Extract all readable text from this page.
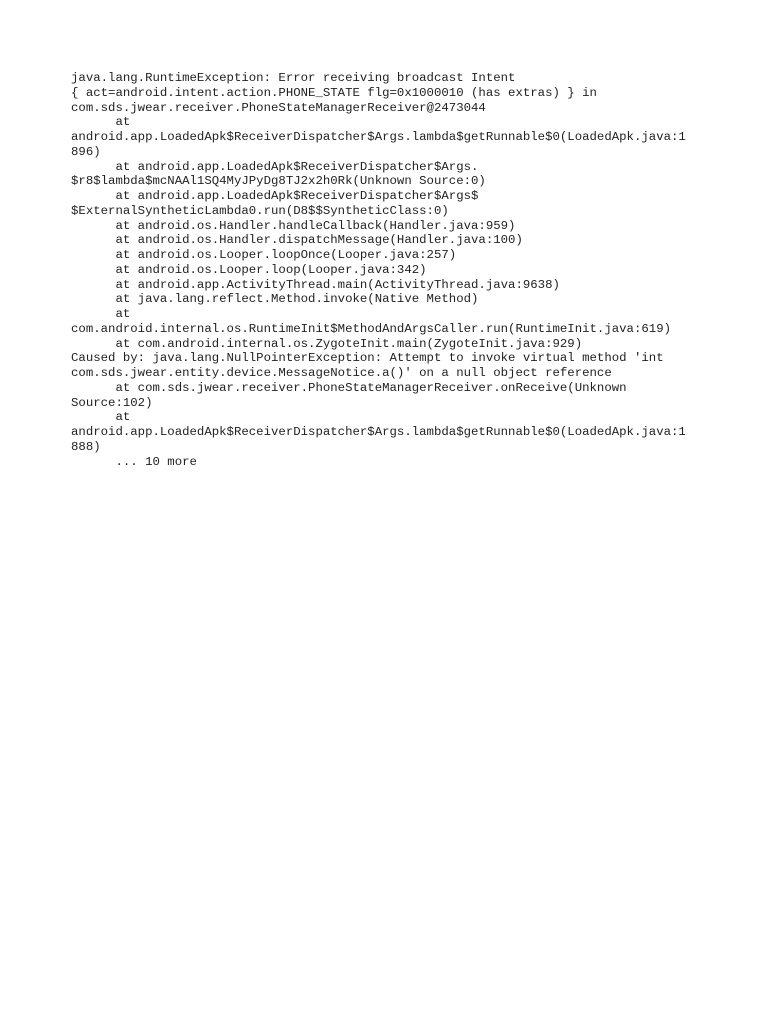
java.lang.RuntimeException: Error receiving broadcast Intent
{ act=android.intent.action.PHONE_STATE flg=0x1000010 (has extras) } in
com.sds.jwear.receiver.PhoneStateManagerReceiver@2473044
at
android.app.LoadedApk$ReceiverDispatcher$Args.lambda$getRunnable$0(LoadedApk.java:1
896)
at android.app.LoadedApk$ReceiverDispatcher$Args.
$r8$lambda$mcNAAl1SQ4MyJPyDg8TJ2x2h0Rk(Unknown Source:0)
at android.app.LoadedApk$ReceiverDispatcher$Args$
$ExternalSyntheticLambda0.run(D8$$SyntheticClass:0)
at android.os.Handler.handleCallback(Handler.java:959)
at android.os.Handler.dispatchMessage(Handler.java:100)
at android.os.Looper.loopOnce(Looper.java:257)
at android.os.Looper.loop(Looper.java:342)
at android.app.ActivityThread.main(ActivityThread.java:9638)
at java.lang.reflect.Method.invoke(Native Method)
at
com.android.internal.os.RuntimeInit$MethodAndArgsCaller.run(RuntimeInit.java:619)
at com.android.internal.os.ZygoteInit.main(ZygoteInit.java:929)
Caused by: java.lang.NullPointerException: Attempt to invoke virtual method 'int
com.sds.jwear.entity.device.MessageNotice.a()' on a null object reference
at com.sds.jwear.receiver.PhoneStateManagerReceiver.onReceive(Unknown
Source:102)
at
android.app.LoadedApk$ReceiverDispatcher$Args.lambda$getRunnable$0(LoadedApk.java:1
888)
... 10 more
